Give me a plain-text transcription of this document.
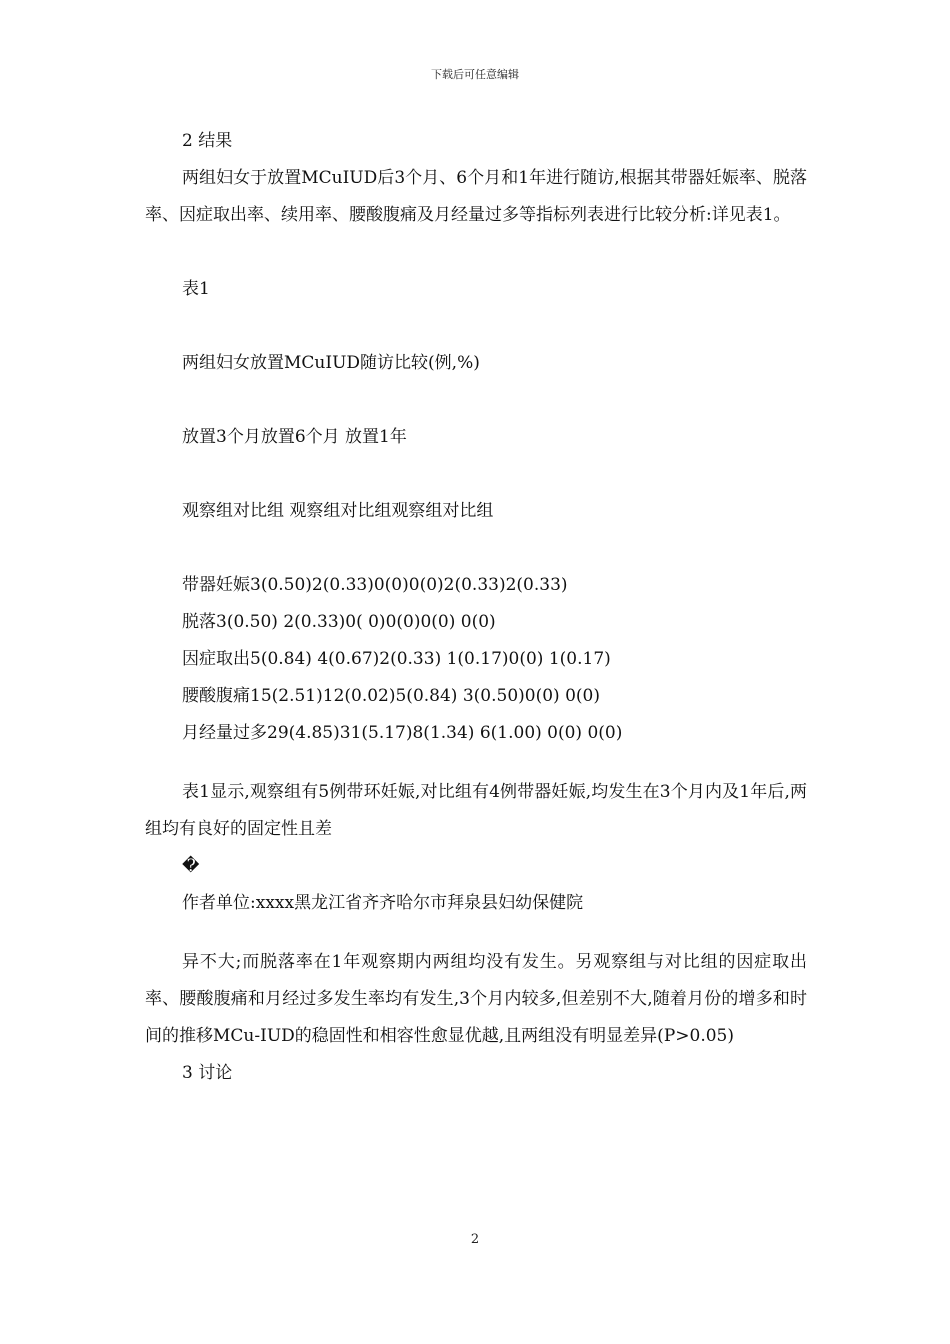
下载后可任意编辑
2 结果

两组妇女于放置MCuIUD后3个月、6个月和1年进行随访,根据其带器妊娠率、脱落率、因症取出率、续用率、腰酸腹痛及月经量过多等指标列表进行比较分析:详见表1。

表1
两组妇女放置MCuIUD随访比较(例,%)
放置3个月放置6个月 放置1年
观察组对比组 观察组对比组观察组对比组
带器妊娠3(0.50)2(0.33)0(0)0(0)2(0.33)2(0.33)
脱落3(0.50) 2(0.33)0( 0)0(0)0(0) 0(0)
因症取出5(0.84) 4(0.67)2(0.33) 1(0.17)0(0) 1(0.17)
腰酸腹痛15(2.51)12(0.02)5(0.84) 3(0.50)0(0) 0(0)
月经量过多29(4.85)31(5.17)8(1.34) 6(1.00) 0(0) 0(0)

表1显示,观察组有5例带环妊娠,对比组有4例带器妊娠,均发生在3个月内及1年后,两组均有良好的固定性且差

�
作者单位:xxxx黑龙江省齐齐哈尔市拜泉县妇幼保健院

异不大;而脱落率在1年观察期内两组均没有发生。另观察组与对比组的因症取出率、腰酸腹痛和月经过多发生率均有发生,3个月内较多,但差别不大,随着月份的增多和时间的推移MCu-IUD的稳固性和相容性愈显优越,且两组没有明显差异(P>0.05)

3 讨论
2
